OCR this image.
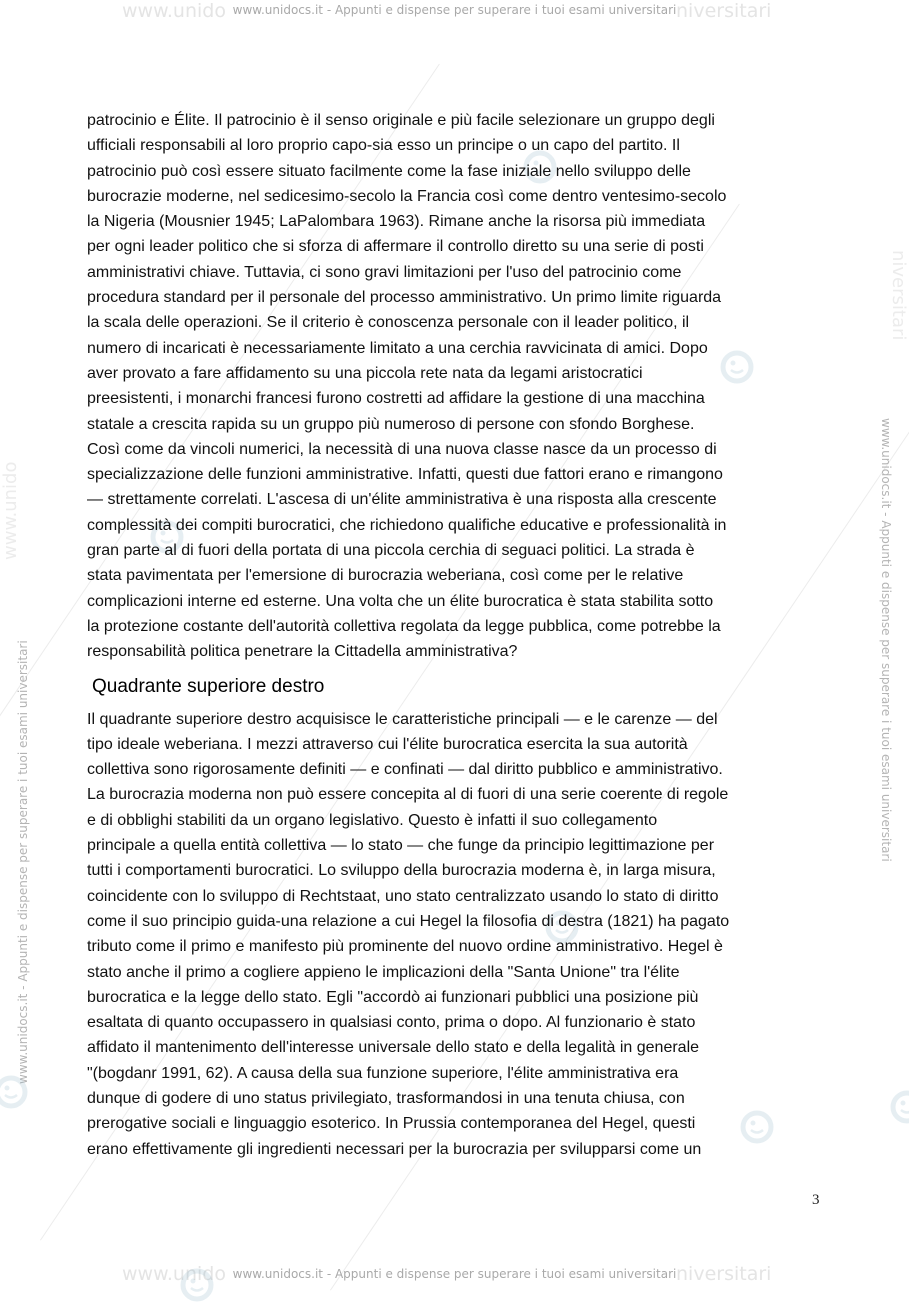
www.unido	niversitari
www.unido	niversitari
www.unidocs.it - Appunti e dispense per superare i tuoi esami universitari
www.unidocs.it - Appunti e dispense per superare i tuoi esami universitari
www.unidocs.it - Appunti e dispense per superare i tuoi esami universitari
www.unidocs.it - Appunti e dispense per superare i tuoi esami universitari
www.unido
niversitari

patrocinio e Élite. Il patrocinio è il senso originale e più facile selezionare un gruppo degli
ufficiali responsabili al loro proprio capo-sia esso un principe o un capo del partito. Il
patrocinio può così essere situato facilmente come la fase iniziale nello sviluppo delle
burocrazie moderne, nel sedicesimo-secolo la Francia così come dentro ventesimo-secolo
la Nigeria (Mousnier 1945; LaPalombara 1963). Rimane anche la risorsa più immediata
per ogni leader politico che si sforza di affermare il controllo diretto su una serie di posti
amministrativi chiave. Tuttavia, ci sono gravi limitazioni per l'uso del patrocinio come
procedura standard per il personale del processo amministrativo. Un primo limite riguarda
la scala delle operazioni. Se il criterio è conoscenza personale con il leader politico, il
numero di incaricati è necessariamente limitato a una cerchia ravvicinata di amici. Dopo
aver provato a fare affidamento su una piccola rete nata da legami aristocratici
preesistenti, i monarchi francesi furono costretti ad affidare la gestione di una macchina
statale a crescita rapida su un gruppo più numeroso di persone con sfondo Borghese.
Così come da vincoli numerici, la necessità di una nuova classe nasce da un processo di
specializzazione delle funzioni amministrative. Infatti, questi due fattori erano e rimangono
— strettamente correlati. L'ascesa di un'élite amministrativa è una risposta alla crescente
complessità dei compiti burocratici, che richiedono qualifiche educative e professionalità in
gran parte al di fuori della portata di una piccola cerchia di seguaci politici. La strada è
stata pavimentata per l'emersione di burocrazia weberiana, così come per le relative
complicazioni interne ed esterne. Una volta che un élite burocratica è stata stabilita sotto
la protezione costante dell'autorità collettiva regolata da legge pubblica, come potrebbe la
responsabilità politica penetrare la Cittadella amministrativa?

Quadrante superiore destro

Il quadrante superiore destro acquisisce le caratteristiche principali — e le carenze — del
tipo ideale weberiana. I mezzi attraverso cui l'élite burocratica esercita la sua autorità
collettiva sono rigorosamente definiti — e confinati — dal diritto pubblico e amministrativo.
La burocrazia moderna non può essere concepita al di fuori di una serie coerente di regole
e di obblighi stabiliti da un organo legislativo. Questo è infatti il suo collegamento
principale a quella entità collettiva — lo stato — che funge da principio legittimazione per
tutti i comportamenti burocratici. Lo sviluppo della burocrazia moderna è, in larga misura,
coincidente con lo sviluppo di Rechtstaat, uno stato centralizzato usando lo stato di diritto
come il suo principio guida-una relazione a cui Hegel la filosofia di destra (1821) ha pagato
tributo come il primo e manifesto più prominente del nuovo ordine amministrativo. Hegel è
stato anche il primo a cogliere appieno le implicazioni della "Santa Unione" tra l'élite
burocratica e la legge dello stato. Egli "accordò ai funzionari pubblici una posizione più
esaltata di quanto occupassero in qualsiasi conto, prima o dopo. Al funzionario è stato
affidato il mantenimento dell'interesse universale dello stato e della legalità in generale
"(bogdanr 1991, 62). A causa della sua funzione superiore, l'élite amministrativa era
dunque di godere di uno status privilegiato, trasformandosi in una tenuta chiusa, con
prerogative sociali e linguaggio esoterico. In Prussia contemporanea del Hegel, questi
erano effettivamente gli ingredienti necessari per la burocrazia per svilupparsi come un

3
